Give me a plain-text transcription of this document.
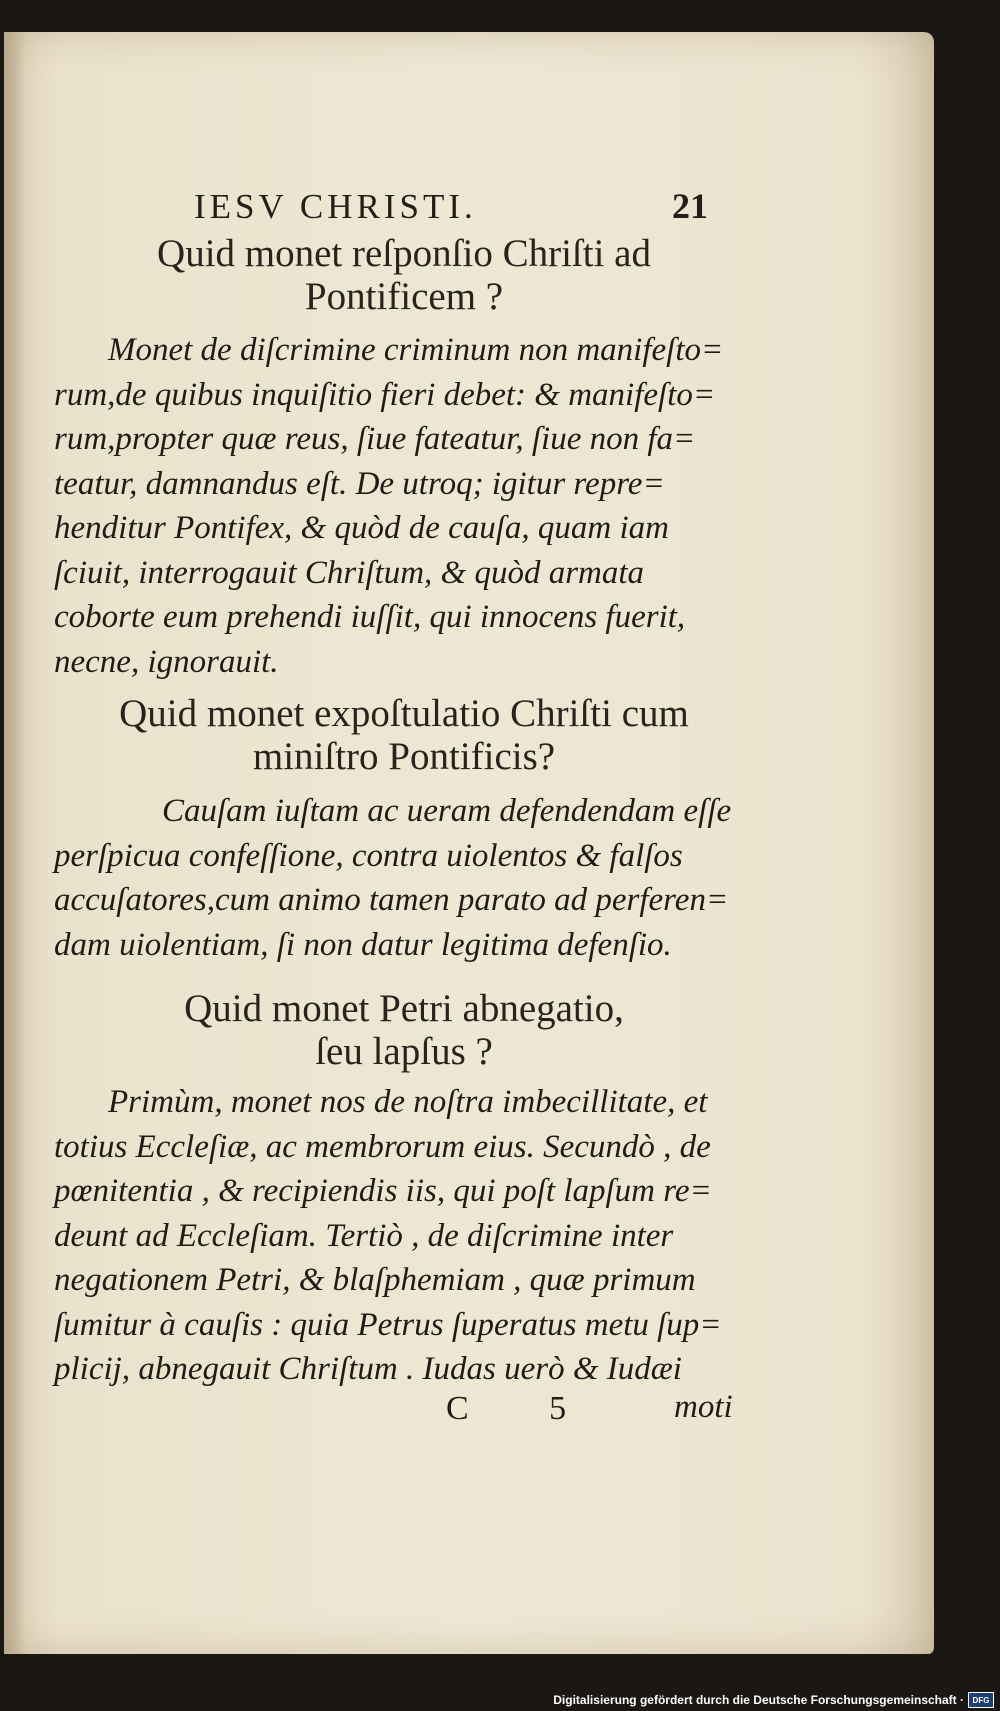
IESV CHRISTI.	21
Quid monet reſponſio Chriſti ad
Pontificem ?
Monet de diſcrimine criminum non manifeſto=
rum,de quibus inquiſitio fieri debet: & manifeſto=
rum,propter quæ reus, ſiue fateatur, ſiue non fa=
teatur, damnandus eſt. De utroq; igitur repre=
henditur Pontifex, & quòd de cauſa, quam iam
ſciuit, interrogauit Chriſtum, & quòd armata
coborte eum prehendi iuſſit, qui innocens fuerit,
necne, ignorauit.
Quid monet expoſtulatio Chriſti cum
miniſtro Pontificis?
Cauſam iuſtam ac ueram defendendam eſſe
perſpicua confeſſione, contra uiolentos & falſos
accuſatores,cum animo tamen parato ad perferen=
dam uiolentiam, ſi non datur legitima defenſio.
Quid monet Petri abnegatio,
ſeu lapſus ?
Primùm, monet nos de noſtra imbecillitate, et
totius Eccleſiæ, ac membrorum eius. Secundò , de
pœnitentia , & recipiendis iis, qui poſt lapſum re=
deunt ad Eccleſiam. Tertiò , de diſcrimine inter
negationem Petri, & blaſphemiam , quæ primum
ſumitur à cauſis : quia Petrus ſuperatus metu ſup=
plicij, abnegauit Chriſtum . Iudas uerò & Iudæi
C 5 moti
Digitalisierung gefördert durch die Deutsche Forschungsgemeinschaft ·	DFG
